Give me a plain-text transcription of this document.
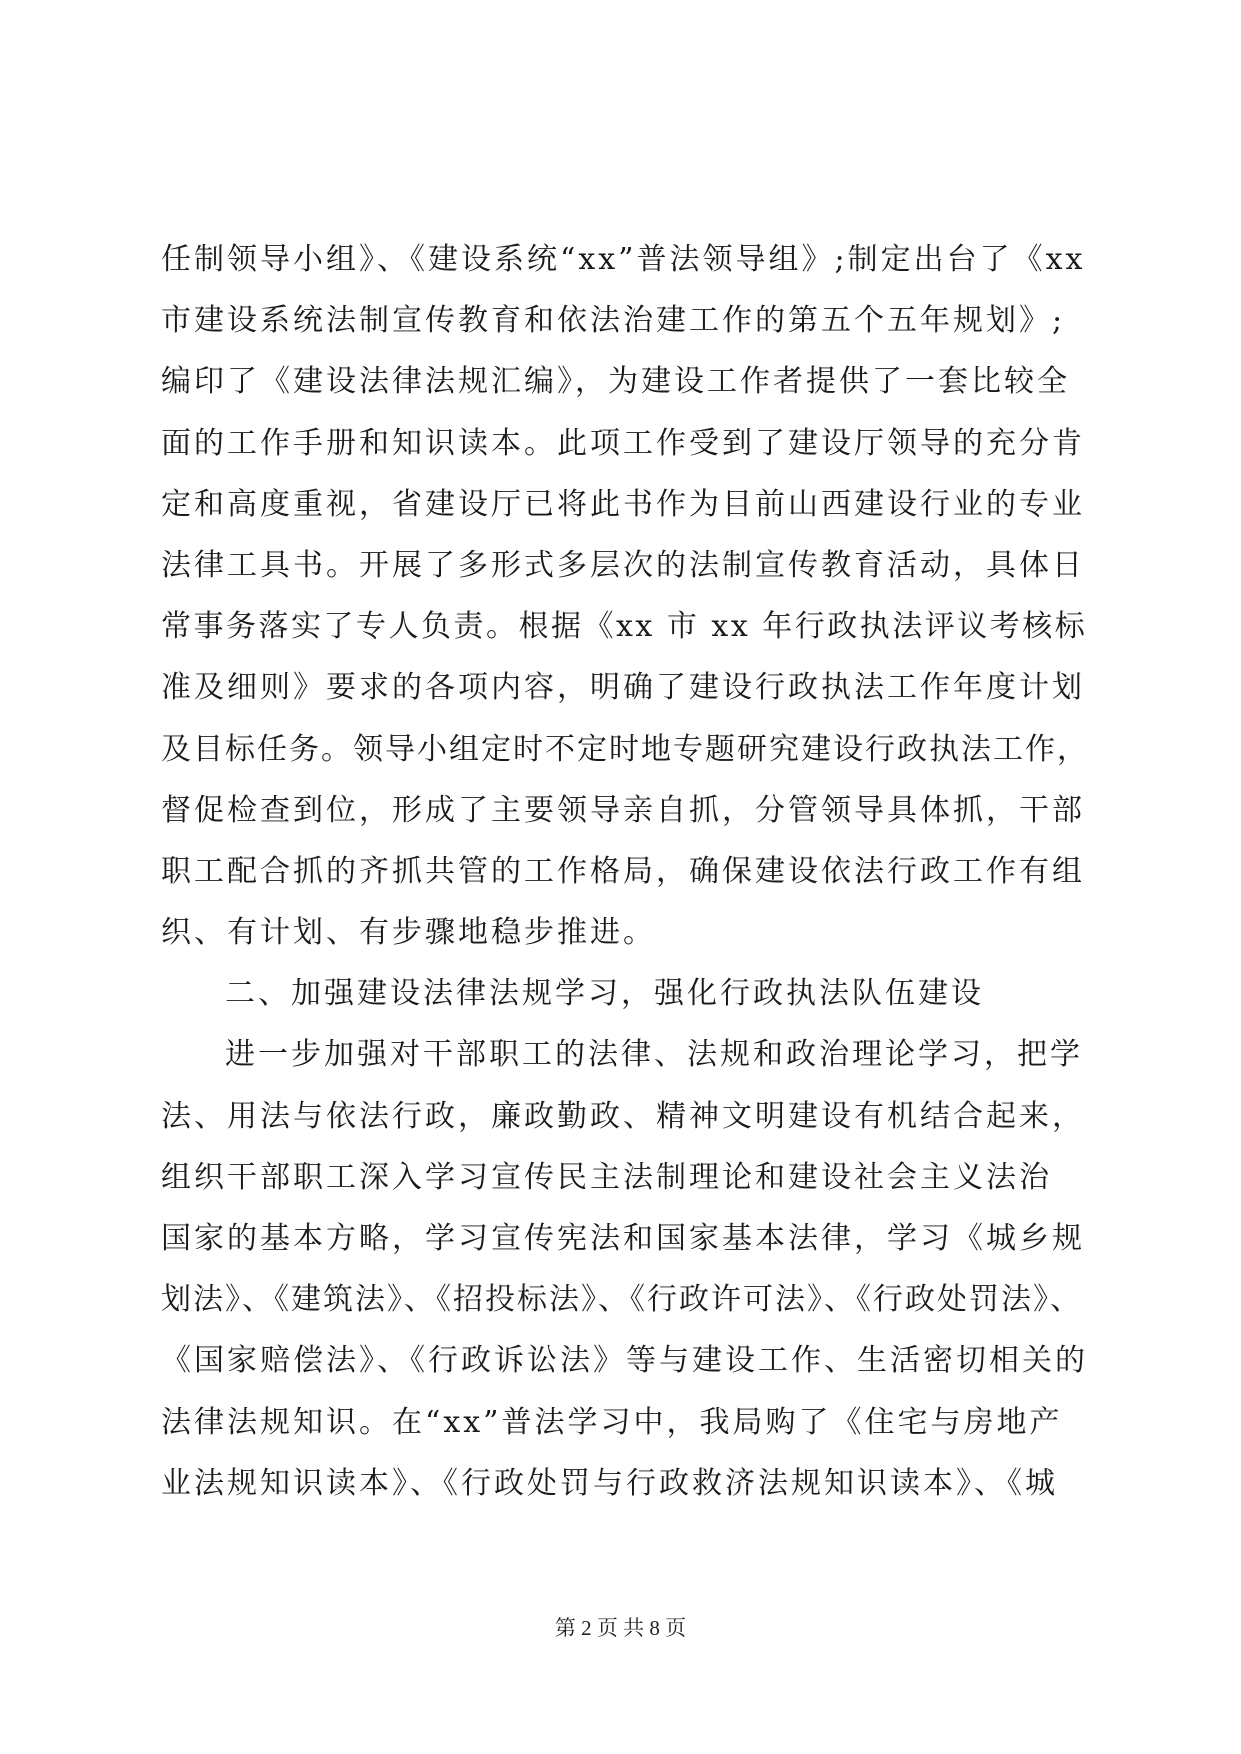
任制领导小组》、《建设系统“xx”普法领导组》;制定出台了《xx
市建设系统法制宣传教育和依法治建工作的第五个五年规划》;
编印了《建设法律法规汇编》，为建设工作者提供了一套比较全
面的工作手册和知识读本。此项工作受到了建设厅领导的充分肯
定和高度重视，省建设厅已将此书作为目前山西建设行业的专业
法律工具书。开展了多形式多层次的法制宣传教育活动，具体日
常事务落实了专人负责。根据《xx 市 xx 年行政执法评议考核标
准及细则》要求的各项内容，明确了建设行政执法工作年度计划
及目标任务。领导小组定时不定时地专题研究建设行政执法工作，
督促检查到位，形成了主要领导亲自抓，分管领导具体抓，干部
职工配合抓的齐抓共管的工作格局，确保建设依法行政工作有组
织、有计划、有步骤地稳步推进。
二、加强建设法律法规学习，强化行政执法队伍建设
进一步加强对干部职工的法律、法规和政治理论学习，把学
法、用法与依法行政，廉政勤政、精神文明建设有机结合起来，
组织干部职工深入学习宣传民主法制理论和建设社会主义法治
国家的基本方略，学习宣传宪法和国家基本法律，学习《城乡规
划法》、《建筑法》、《招投标法》、《行政许可法》、《行政处罚法》、
《国家赔偿法》、《行政诉讼法》等与建设工作、生活密切相关的
法律法规知识。在“xx”普法学习中，我局购了《住宅与房地产
业法规知识读本》、《行政处罚与行政救济法规知识读本》、《城
第 2 页 共 8 页
